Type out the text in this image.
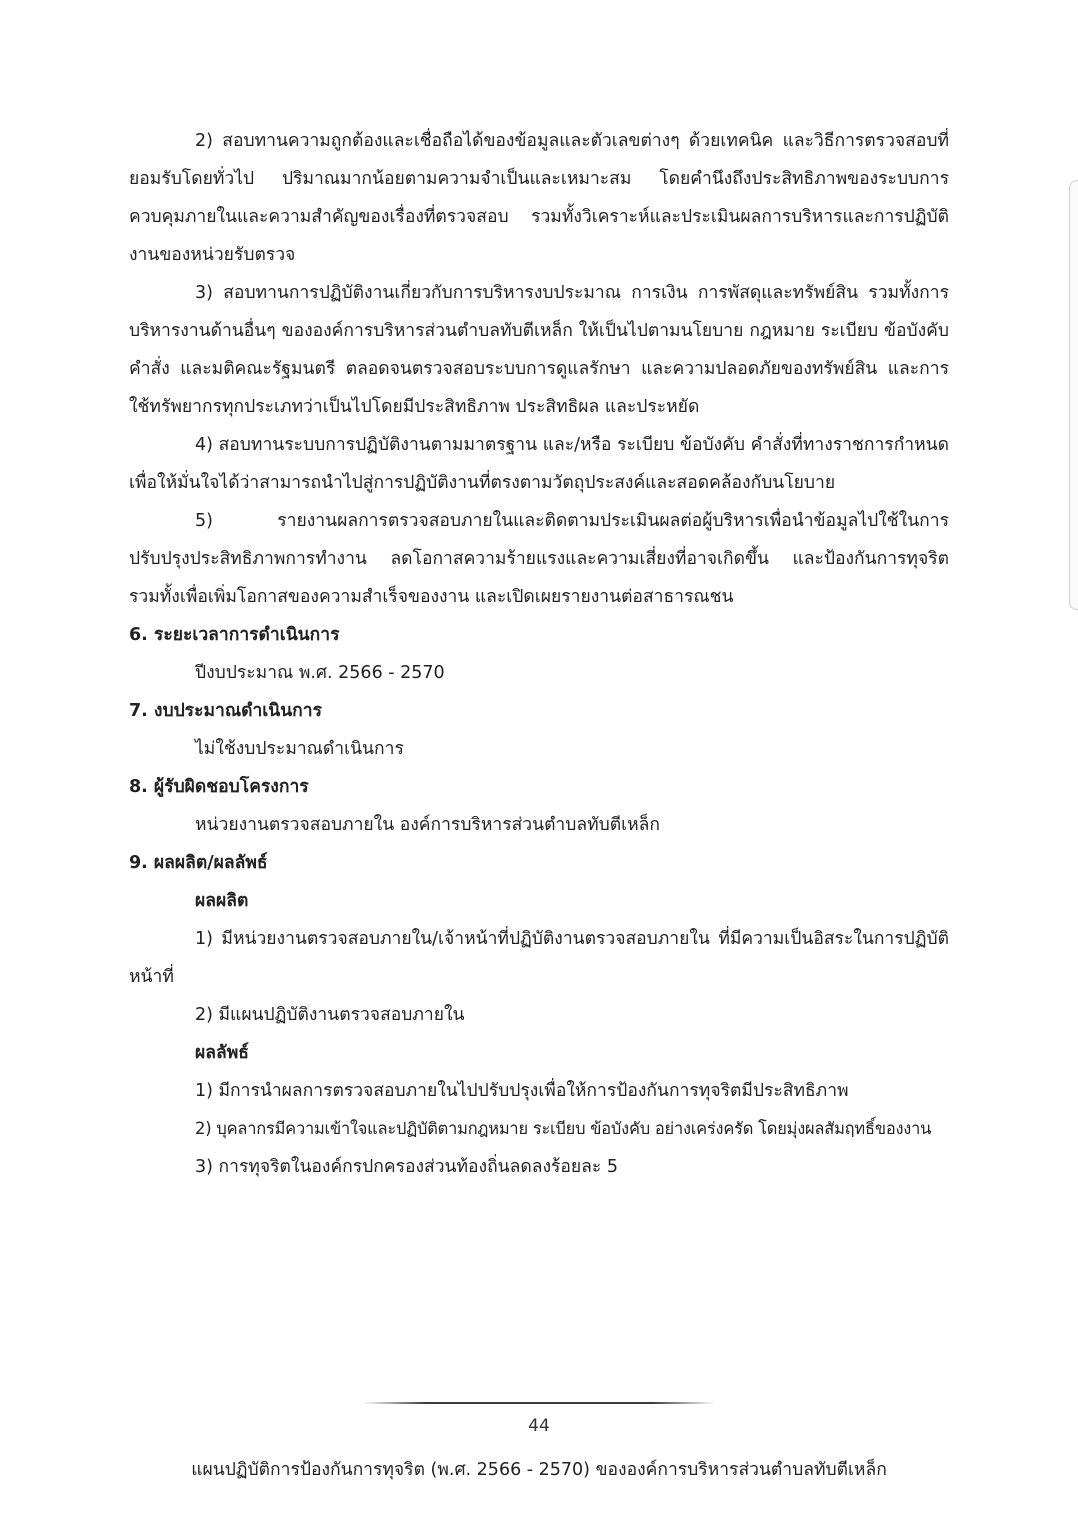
2) สอบทานความถูกต้องและเชื่อถือได้ของข้อมูลและตัวเลขต่างๆ ด้วยเทคนิค และวิธีการตรวจสอบที่ยอมรับโดยทั่วไป ปริมาณมากน้อยตามความจำเป็นและเหมาะสม โดยคำนึงถึงประสิทธิภาพของระบบการควบคุมภายในและความสำคัญของเรื่องที่ตรวจสอบ รวมทั้งวิเคราะห์และประเมินผลการบริหารและการปฏิบัติงานของหน่วยรับตรวจ

3) สอบทานการปฏิบัติงานเกี่ยวกับการบริหารงบประมาณ การเงิน การพัสดุและทรัพย์สิน รวมทั้งการบริหารงานด้านอื่นๆ ขององค์การบริหารส่วนตำบลทับตีเหล็ก ให้เป็นไปตามนโยบาย กฎหมาย ระเบียบ ข้อบังคับ คำสั่ง และมติคณะรัฐมนตรี ตลอดจนตรวจสอบระบบการดูแลรักษา และความปลอดภัยของทรัพย์สิน และการใช้ทรัพยากรทุกประเภทว่าเป็นไปโดยมีประสิทธิภาพ ประสิทธิผล และประหยัด

4) สอบทานระบบการปฏิบัติงานตามมาตรฐาน และ/หรือ ระเบียบ ข้อบังคับ คำสั่งที่ทางราชการกำหนด เพื่อให้มั่นใจได้ว่าสามารถนำไปสู่การปฏิบัติงานที่ตรงตามวัตถุประสงค์และสอดคล้องกับนโยบาย

5) รายงานผลการตรวจสอบภายในและติดตามประเมินผลต่อผู้บริหารเพื่อนำข้อมูลไปใช้ในการปรับปรุงประสิทธิภาพการทำงาน ลดโอกาสความร้ายแรงและความเสี่ยงที่อาจเกิดขึ้น และป้องกันการทุจริต รวมทั้งเพื่อเพิ่มโอกาสของความสำเร็จของงาน และเปิดเผยรายงานต่อสาธารณชน

6. ระยะเวลาการดำเนินการ

ปีงบประมาณ พ.ศ. 2566 - 2570

7. งบประมาณดำเนินการ

ไม่ใช้งบประมาณดำเนินการ

8. ผู้รับผิดชอบโครงการ

หน่วยงานตรวจสอบภายใน องค์การบริหารส่วนตำบลทับตีเหล็ก

9. ผลผลิต/ผลลัพธ์

ผลผลิต

1) มีหน่วยงานตรวจสอบภายใน/เจ้าหน้าที่ปฏิบัติงานตรวจสอบภายใน ที่มีความเป็นอิสระในการปฏิบัติหน้าที่

2) มีแผนปฏิบัติงานตรวจสอบภายใน

ผลลัพธ์

1) มีการนำผลการตรวจสอบภายในไปปรับปรุงเพื่อให้การป้องกันการทุจริตมีประสิทธิภาพ

2) บุคลากรมีความเข้าใจและปฏิบัติตามกฎหมาย ระเบียบ ข้อบังคับ อย่างเคร่งครัด โดยมุ่งผลสัมฤทธิ์ของงาน

3) การทุจริตในองค์กรปกครองส่วนท้องถิ่นลดลงร้อยละ 5

44
แผนปฏิบัติการป้องกันการทุจริต (พ.ศ. 2566 - 2570) ขององค์การบริหารส่วนตำบลทับตีเหล็ก
